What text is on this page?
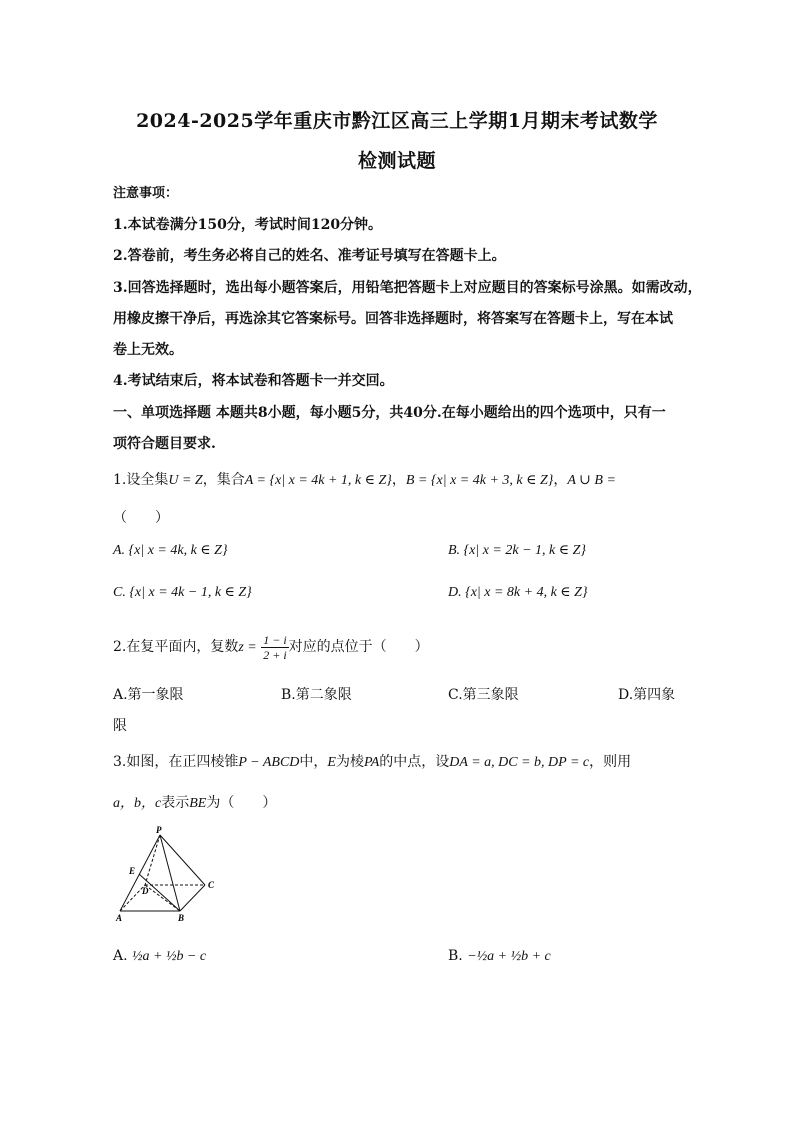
2024-2025学年重庆市黔江区高三上学期1月期末考试数学
检测试题
注意事项：
1.本试卷满分150分，考试时间120分钟。
2.答卷前，考生务必将自己的姓名、准考证号填写在答题卡上。
3.回答选择题时，选出每小题答案后，用铅笔把答题卡上对应题目的答案标号涂黑。如需改动，
用橡皮擦干净后，再选涂其它答案标号。回答非选择题时，将答案写在答题卡上，写在本试
卷上无效。
4.考试结束后，将本试卷和答题卡一并交回。
一、单项选择题 本题共8小题，每小题5分，共40分.在每小题给出的四个选项中，只有一
项符合题目要求.
1.设全集U = Z，集合A = {x| x = 4k + 1, k ∈ Z}，B = {x| x = 4k + 3, k ∈ Z}，A ∪ B =
（　　）
A. {x| x = 4k, k ∈ Z}	B. {x| x = 2k − 1, k ∈ Z}
C. {x| x = 4k − 1, k ∈ Z}	D. {x| x = 8k + 4, k ∈ Z}
2.在复平面内，复数$z = \frac{1 - i}{2 + i}$ 对应的点位于（　　）
A.第一象限	B.第二象限	C.第三象限	D.第四象
限
3.如图，在正四棱锥P − ABCD中，E为棱PA的中点，设DA = a, DC = b, DP = c，则用
a，b，c表示BE为（　　）
P
E
D
C
A	B
A. ½a + ½b − c	B. −½a + ½b + c
